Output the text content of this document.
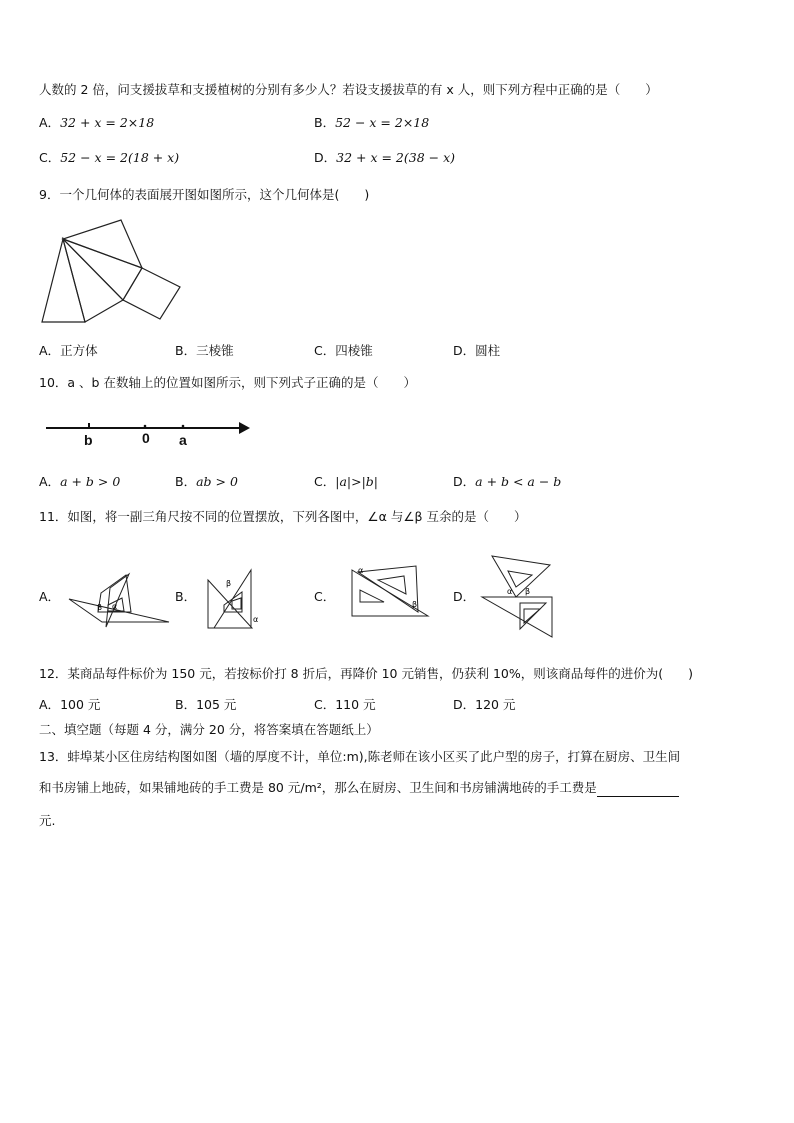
人数的 2 倍，问支援拔草和支援植树的分别有多少人？若设支援拔草的有 x 人，则下列方程中正确的是（　　）
A．32 + x = 2×18	B．52 − x = 2×18
C．52 − x = 2(18 + x)	D．32 + x = 2(38 − x)
9．一个几何体的表面展开图如图所示，这个几何体是(　　)
A．正方体	B．三棱锥	C．四棱锥	D．圆柱
10．a 、b 在数轴上的位置如图所示，则下列式子正确的是（　　）
b	0 a
A．a + b > 0	B．ab > 0	C．|a|>|b|	D．a + b < a − b
11．如图，将一副三角尺按不同的位置摆放，下列各图中，∠α 与∠β 互余的是（　　）
A．
β α
B．
β
α
C．
α
β
D．	α β
12．某商品每件标价为 150 元，若按标价打 8 折后，再降价 10 元销售，仍获利 10%，则该商品每件的进价为(　　)
A．100 元	B．105 元	C．110 元	D．120 元
二、填空题（每题 4 分，满分 20 分，将答案填在答题纸上）
13．蚌埠某小区住房结构图如图（墙的厚度不计，单位:m),陈老师在该小区买了此户型的房子，打算在厨房、卫生间
和书房铺上地砖，如果铺地砖的手工费是 80 元/m²，那么在厨房、卫生间和书房铺满地砖的手工费是
元.
